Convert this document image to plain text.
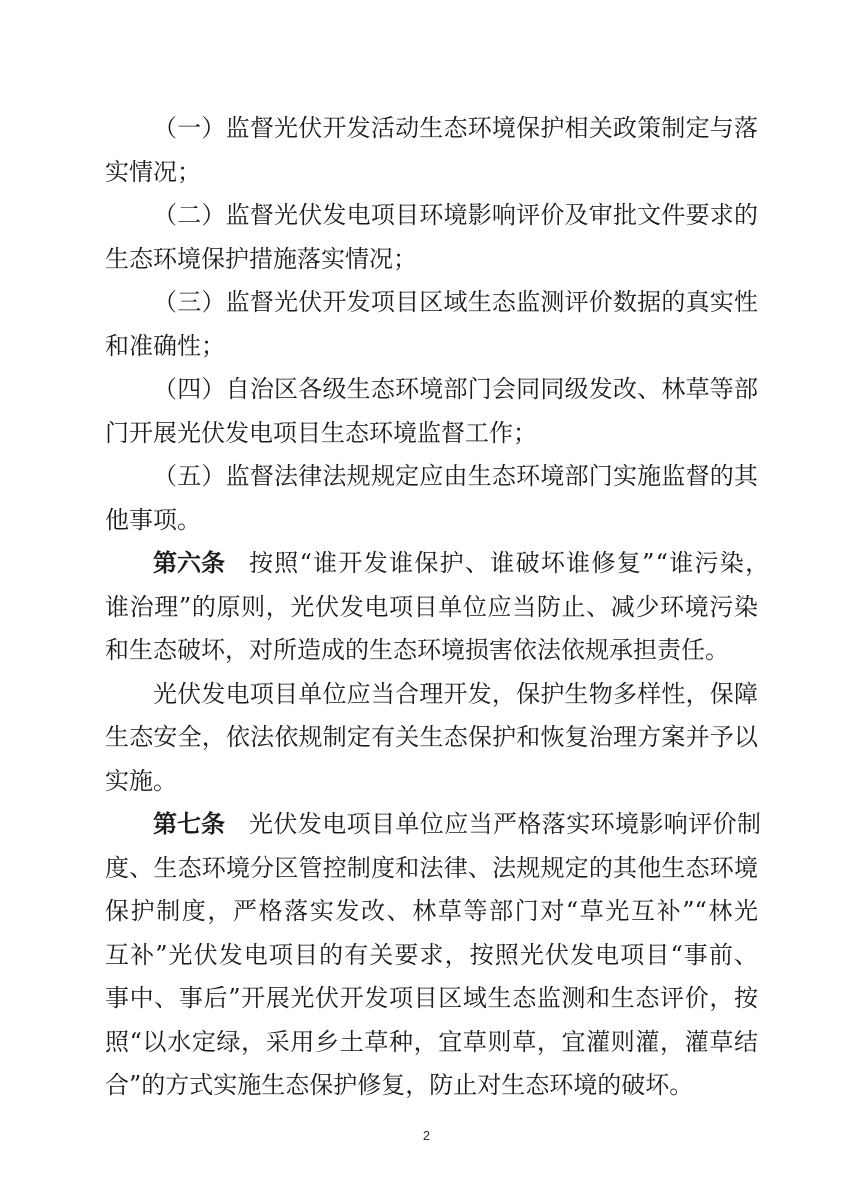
（一）监督光伏开发活动生态环境保护相关政策制定与落
实情况；
（二）监督光伏发电项目环境影响评价及审批文件要求的
生态环境保护措施落实情况；
（三）监督光伏开发项目区域生态监测评价数据的真实性
和准确性；
（四）自治区各级生态环境部门会同同级发改、林草等部
门开展光伏发电项目生态环境监督工作；
（五）监督法律法规规定应由生态环境部门实施监督的其
他事项。
第六条 按照“谁开发谁保护、谁破坏谁修复”“谁污染，
谁治理”的原则，光伏发电项目单位应当防止、减少环境污染
和生态破坏，对所造成的生态环境损害依法依规承担责任。
光伏发电项目单位应当合理开发，保护生物多样性，保障
生态安全，依法依规制定有关生态保护和恢复治理方案并予以
实施。
第七条 光伏发电项目单位应当严格落实环境影响评价制
度、生态环境分区管控制度和法律、法规规定的其他生态环境
保护制度，严格落实发改、林草等部门对“草光互补”“林光
互补”光伏发电项目的有关要求，按照光伏发电项目“事前、
事中、事后”开展光伏开发项目区域生态监测和生态评价，按
照“以水定绿，采用乡土草种，宜草则草，宜灌则灌，灌草结
合”的方式实施生态保护修复，防止对生态环境的破坏。
2
